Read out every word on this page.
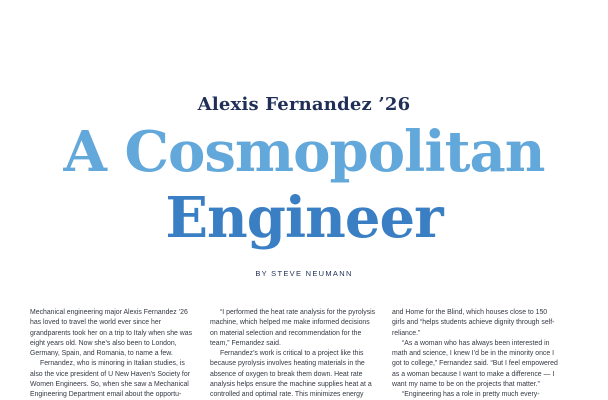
Alexis Fernandez ’26
A Cosmopolitan
Engineer
BY STEVE NEUMANN

Mechanical engineering major Alexis Fernandez ’26 has loved to travel the world ever since her grandparents took her on a trip to Italy when she was eight years old. Now she’s also been to London, Germany, Spain, and Romania, to name a few.

Fernandez, who is minoring in Italian studies, is also the vice president of U New Haven’s Society for Women Engineers. So, when she saw a Mechanical Engineering Department email about the opportu-

“I performed the heat rate analysis for the pyrolysis machine, which helped me make informed decisions on material selection and recommendation for the team,” Fernandez said.

Fernandez’s work is critical to a project like this because pyrolysis involves heating materials in the absence of oxygen to break them down. Heat rate analysis helps ensure the machine supplies heat at a controlled and optimal rate. This minimizes energy

and Home for the Blind, which houses close to 150 girls and “helps students achieve dignity through self-reliance.”

“As a woman who has always been interested in math and science, I knew I’d be in the minority once I got to college,” Fernandez said. “But I feel empowered as a woman because I want to make a difference — I want my name to be on the projects that matter.”

“Engineering has a role in pretty much every-
